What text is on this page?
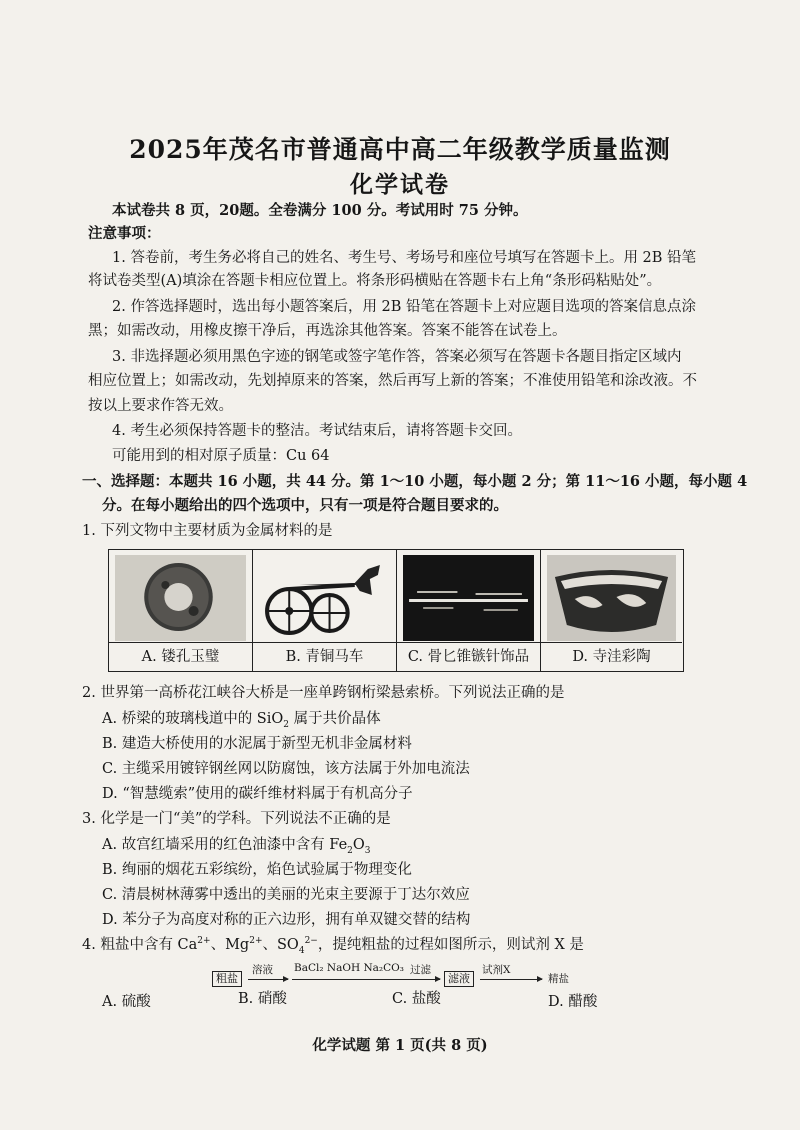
2025年茂名市普通高中高二年级教学质量监测
化学试卷
本试卷共 8 页，20题。全卷满分 100 分。考试用时 75 分钟。
注意事项：
1. 答卷前，考生务必将自己的姓名、考生号、考场号和座位号填写在答题卡上。用 2B 铅笔
将试卷类型(A)填涂在答题卡相应位置上。将条形码横贴在答题卡右上角“条形码粘贴处”。
2. 作答选择题时，选出每小题答案后，用 2B 铅笔在答题卡上对应题目选项的答案信息点涂
黑；如需改动，用橡皮擦干净后，再选涂其他答案。答案不能答在试卷上。
3. 非选择题必须用黑色字迹的钢笔或签字笔作答，答案必须写在答题卡各题目指定区域内
相应位置上；如需改动，先划掉原来的答案，然后再写上新的答案；不准使用铅笔和涂改液。不
按以上要求作答无效。
4. 考生必须保持答题卡的整洁。考试结束后，请将答题卡交回。
可能用到的相对原子质量：Cu 64
一、选择题：本题共 16 小题，共 44 分。第 1～10 小题，每小题 2 分；第 11～16 小题，每小题 4
分。在每小题给出的四个选项中，只有一项是符合题目要求的。
1. 下列文物中主要材质为金属材料的是
A. 镂孔玉璧	B. 青铜马车	C. 骨匕锥镞针饰品	D. 寺洼彩陶
2. 世界第一高桥花江峡谷大桥是一座单跨钢桁梁悬索桥。下列说法正确的是
A. 桥梁的玻璃栈道中的 SiO$_2$ 属于共价晶体
B. 建造大桥使用的水泥属于新型无机非金属材料
C. 主缆采用镀锌钢丝网以防腐蚀，该方法属于外加电流法
D. “智慧缆索”使用的碳纤维材料属于有机高分子
3. 化学是一门“美”的学科。下列说法不正确的是
A. 故宫红墙采用的红色油漆中含有 $Fe_2O_3$
B. 绚丽的烟花五彩缤纷，焰色试验属于物理变化
C. 清晨树林薄雾中透出的美丽的光束主要源于丁达尔效应
D. 苯分子为高度对称的正六边形，拥有单双键交替的结构
4. 粗盐中含有 $Ca^{2+}$、$Mg^{2+}$、$SO_4^{2-}$，提纯粗盐的过程如图所示，则试剂 X 是
粗盐
溶液 BaCl₂ NaOH Na₂CO₃ 过滤
滤液
试剂X
精盐
A. 硫酸	B. 硝酸	C. 盐酸	D. 醋酸
化学试题 第 1 页(共 8 页)
